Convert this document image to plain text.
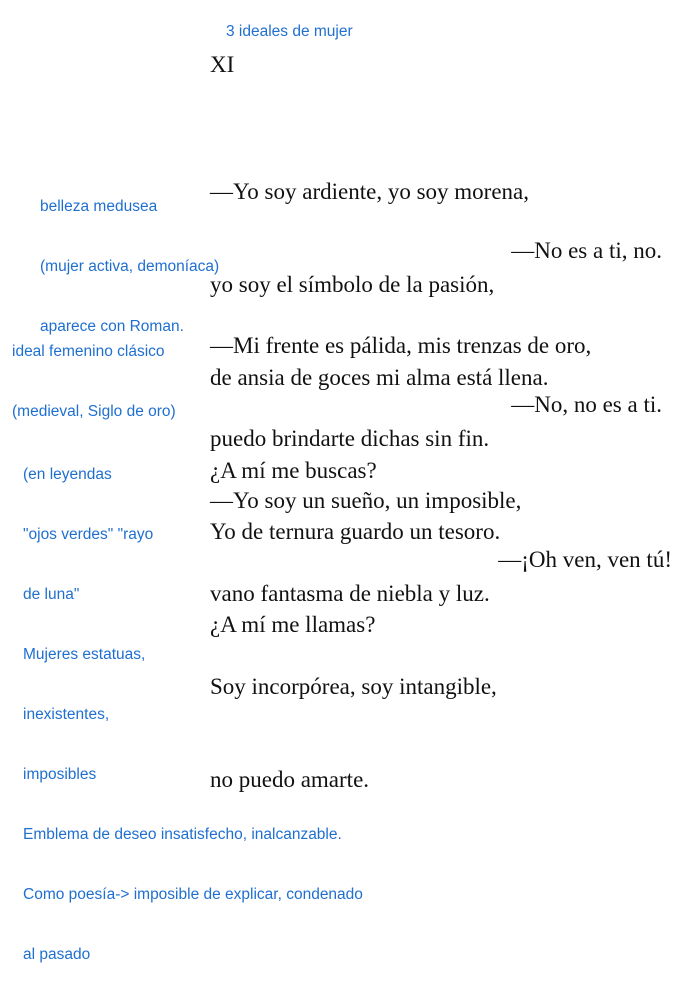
3 ideales de mujer

belleza medusea

(mujer activa, demoníaca)

aparece con Roman.

ideal femenino clásico

(medieval, Siglo de oro)

(en leyendas

"ojos verdes" "rayo

de luna"

Mujeres estatuas,

inexistentes,

imposibles

Emblema de deseo insatisfecho, inalcanzable.

Como poesía-> imposible de explicar, condenado

al pasado

XI

—Yo soy ardiente, yo soy morena,

yo soy el símbolo de la pasión,

de ansia de goces mi alma está llena.

¿A mí me buscas?

—No es a ti, no.

—Mi frente es pálida, mis trenzas de oro,

puedo brindarte dichas sin fin.

Yo de ternura guardo un tesoro.

¿A mí me llamas?

—No, no es a ti.

—Yo soy un sueño, un imposible,

vano fantasma de niebla y luz.

Soy incorpórea, soy intangible,

no puedo amarte.

—¡Oh ven, ven tú!
